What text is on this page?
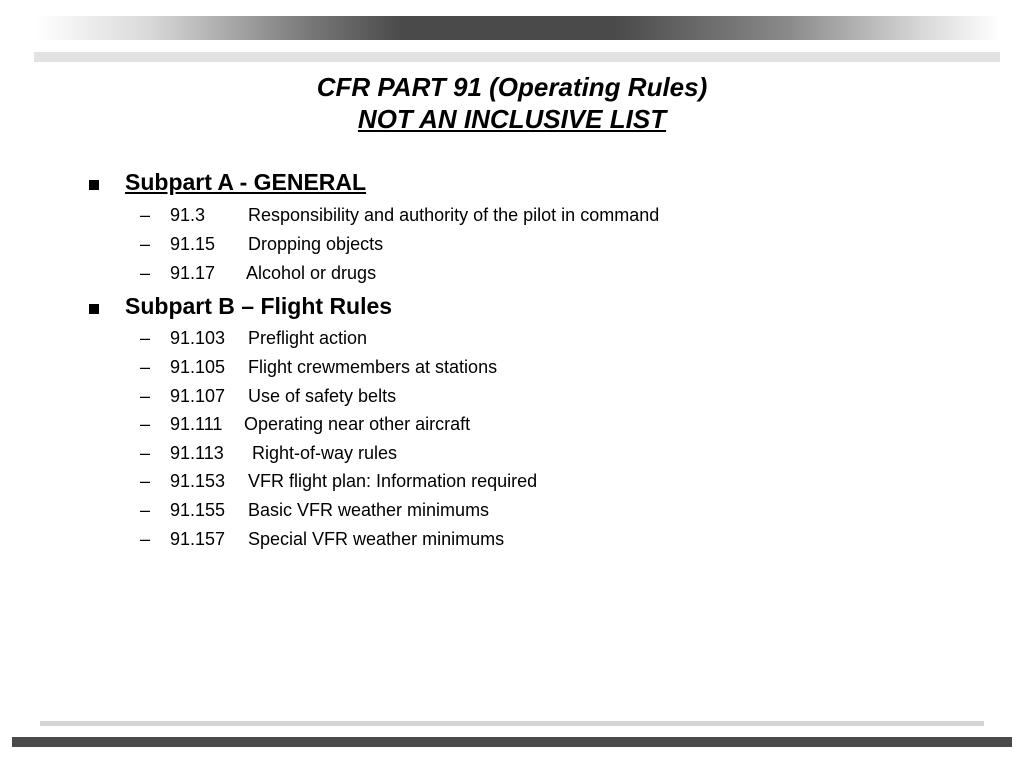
CFR PART 91 (Operating Rules)
NOT AN INCLUSIVE LIST
Subpart A - GENERAL
– 91.3 Responsibility and authority of the pilot in command
– 91.15 Dropping objects
– 91.17 Alcohol or drugs
Subpart B – Flight Rules
– 91.103 Preflight action
– 91.105 Flight crewmembers at stations
– 91.107 Use of safety belts
– 91.111 Operating near other aircraft
– 91.113 Right-of-way rules
– 91.153 VFR flight plan: Information required
– 91.155 Basic VFR weather minimums
– 91.157 Special VFR weather minimums
